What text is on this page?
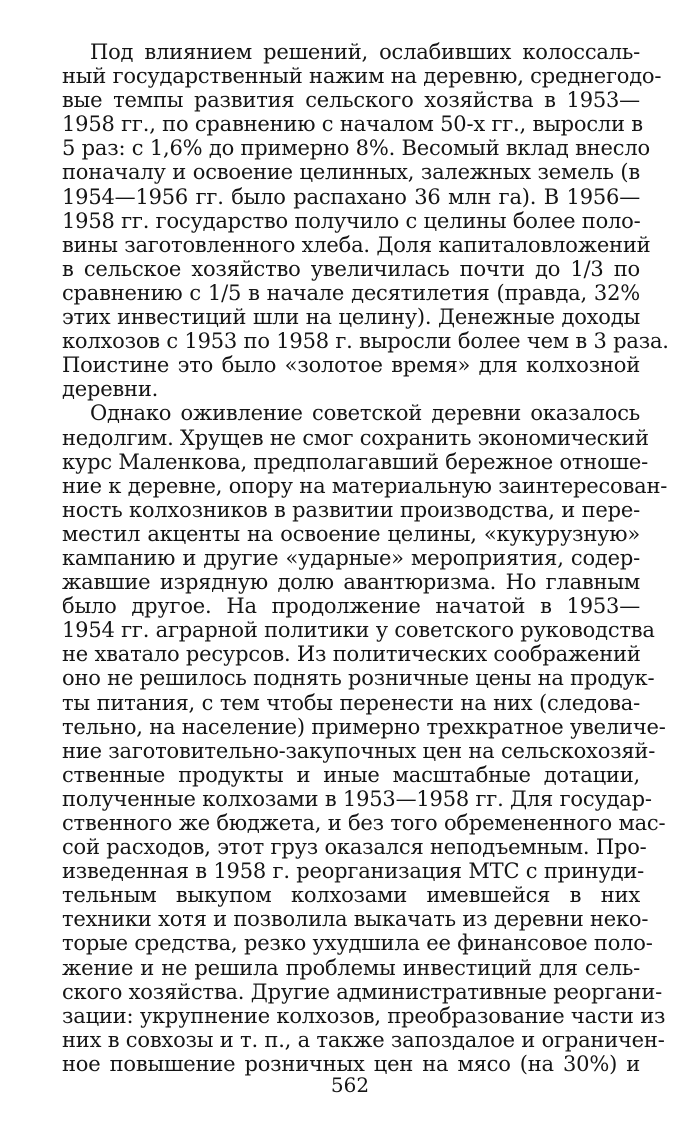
Под влиянием решений, ослабивших колоссаль-
ный государственный нажим на деревню, среднегодо-
вые темпы развития сельского хозяйства в 1953—
1958 гг., по сравнению с началом 50-х гг., выросли в
5 раз: с 1,6% до примерно 8%. Весомый вклад внесло
поначалу и освоение целинных, залежных земель (в
1954—1956 гг. было распахано 36 млн га). В 1956—
1958 гг. государство получило с целины более поло-
вины заготовленного хлеба. Доля капиталовложений
в сельское хозяйство увеличилась почти до 1/3 по
сравнению с 1/5 в начале десятилетия (правда, 32%
этих инвестиций шли на целину). Денежные доходы
колхозов с 1953 по 1958 г. выросли более чем в 3 раза.
Поистине это было «золотое время» для колхозной
деревни.
Однако оживление советской деревни оказалось
недолгим. Хрущев не смог сохранить экономический
курс Маленкова, предполагавший бережное отноше-
ние к деревне, опору на материальную заинтересован-
ность колхозников в развитии производства, и пере-
местил акценты на освоение целины, «кукурузную»
кампанию и другие «ударные» мероприятия, содер-
жавшие изрядную долю авантюризма. Но главным
было другое. На продолжение начатой в 1953—
1954 гг. аграрной политики у советского руководства
не хватало ресурсов. Из политических соображений
оно не решилось поднять розничные цены на продук-
ты питания, с тем чтобы перенести на них (следова-
тельно, на население) примерно трехкратное увеличе-
ние заготовительно-закупочных цен на сельскохозяй-
ственные продукты и иные масштабные дотации,
полученные колхозами в 1953—1958 гг. Для государ-
ственного же бюджета, и без того обремененного мас-
сой расходов, этот груз оказался неподъемным. Про-
изведенная в 1958 г. реорганизация МТС с принуди-
тельным выкупом колхозами имевшейся в них
техники хотя и позволила выкачать из деревни неко-
торые средства, резко ухудшила ее финансовое поло-
жение и не решила проблемы инвестиций для сель-
ского хозяйства. Другие административные реоргани-
зации: укрупнение колхозов, преобразование части из
них в совхозы и т. п., а также запоздалое и ограничен-
ное повышение розничных цен на мясо (на 30%) и
562
